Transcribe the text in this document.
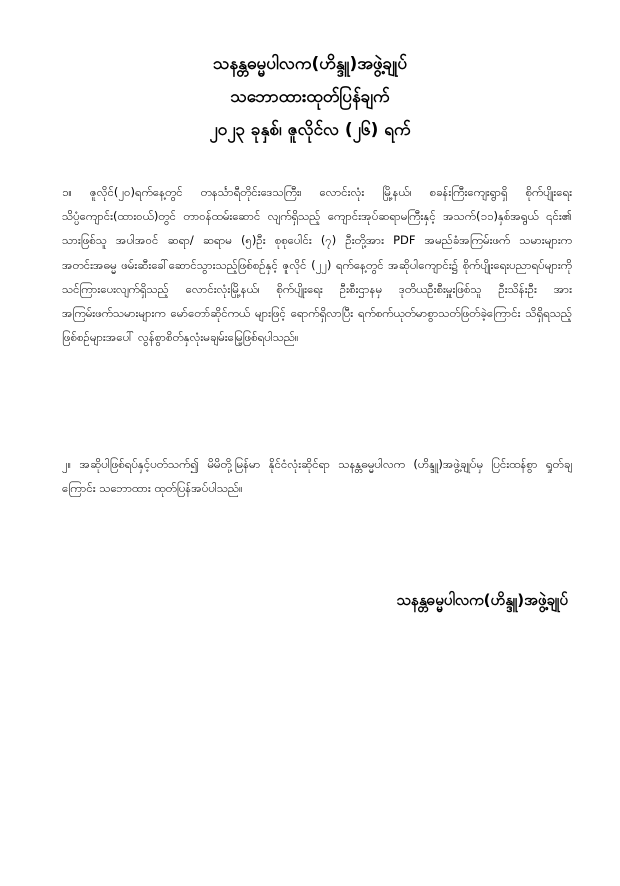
သနန္တဓမ္မပါလက(ဟိန္ဒူ)အဖွဲ့ချုပ်
သဘောထားထုတ်ပြန်ချက်
၂၀၂၃ ခုနှစ်၊ ဇူလိုင်လ (၂၆) ရက်
၁။ ဇူလိုင်(၂၀)ရက်နေ့တွင် တနင်္သာရီတိုင်းဒေသကြီး၊ လောင်းလုံး မြို့နယ်၊ စခန်းကြီးကျေးရွာရှိ စိုက်ပျိုးရေးသိပ္ပံကျောင်း(ထား၀ယ်)တွင် တာ၀န်ထမ်းဆောင် လျက်ရှိသည့် ကျောင်းအုပ်ဆရာမကြီးနှင့် အသက်(၁၁)နှစ်အရွယ် ၎င်း၏ သားဖြစ်သူ အပါအ၀င် ဆရာ/ ဆရာမ (၅)ဦး စုစုပေါင်း (၇) ဦးတို့အား PDF အမည်ခံအကြမ်းဖက် သမားများက အတင်းအဓမ္မ ဖမ်းဆီးခေါ်ဆောင်သွားသည့်ဖြစ်စဉ်နှင့် ဇူလိုင် (၂၂) ရက်နေ့တွင် အဆိုပါကျောင်း၌ စိုက်ပျိုးရေးပညာရပ်များကို သင်ကြားပေးလျက်ရှိသည့် လောင်းလုံးမြို့နယ်၊ စိုက်ပျိုးရေး ဦးစီးဌာနမှ ဒုတိယဦးစီးမှူးဖြစ်သူ ဦးသိန်းဦး အား အကြမ်းဖက်သမားများက မော်တော်ဆိုင်ကယ် များဖြင့် ရောက်ရှိလာပြီး ရက်စက်ယုတ်မာစွာသတ်ဖြတ်ခဲ့ကြောင်း သိရှိရသည့် ဖြစ်စဉ်များအပေါ် လွန်စွာစိတ်နှလုံးမချမ်းမြေ့ဖြစ်ရပါသည်။
၂။ အဆိုပါဖြစ်ရပ်နှင့်ပတ်သက်၍ မိမိတို့မြန်မာ နိုင်ငံလုံးဆိုင်ရာ သနန္တဓမ္မပါလက (ဟိန္ဒူ)အဖွဲ့ချုပ်မှ ပြင်းထန်စွာ ရှုတ်ချကြောင်း သဘောထား ထုတ်ပြန်အပ်ပါသည်။
သနန္တဓမ္မပါလက(ဟိန္ဒူ)အဖွဲ့ချုပ်
